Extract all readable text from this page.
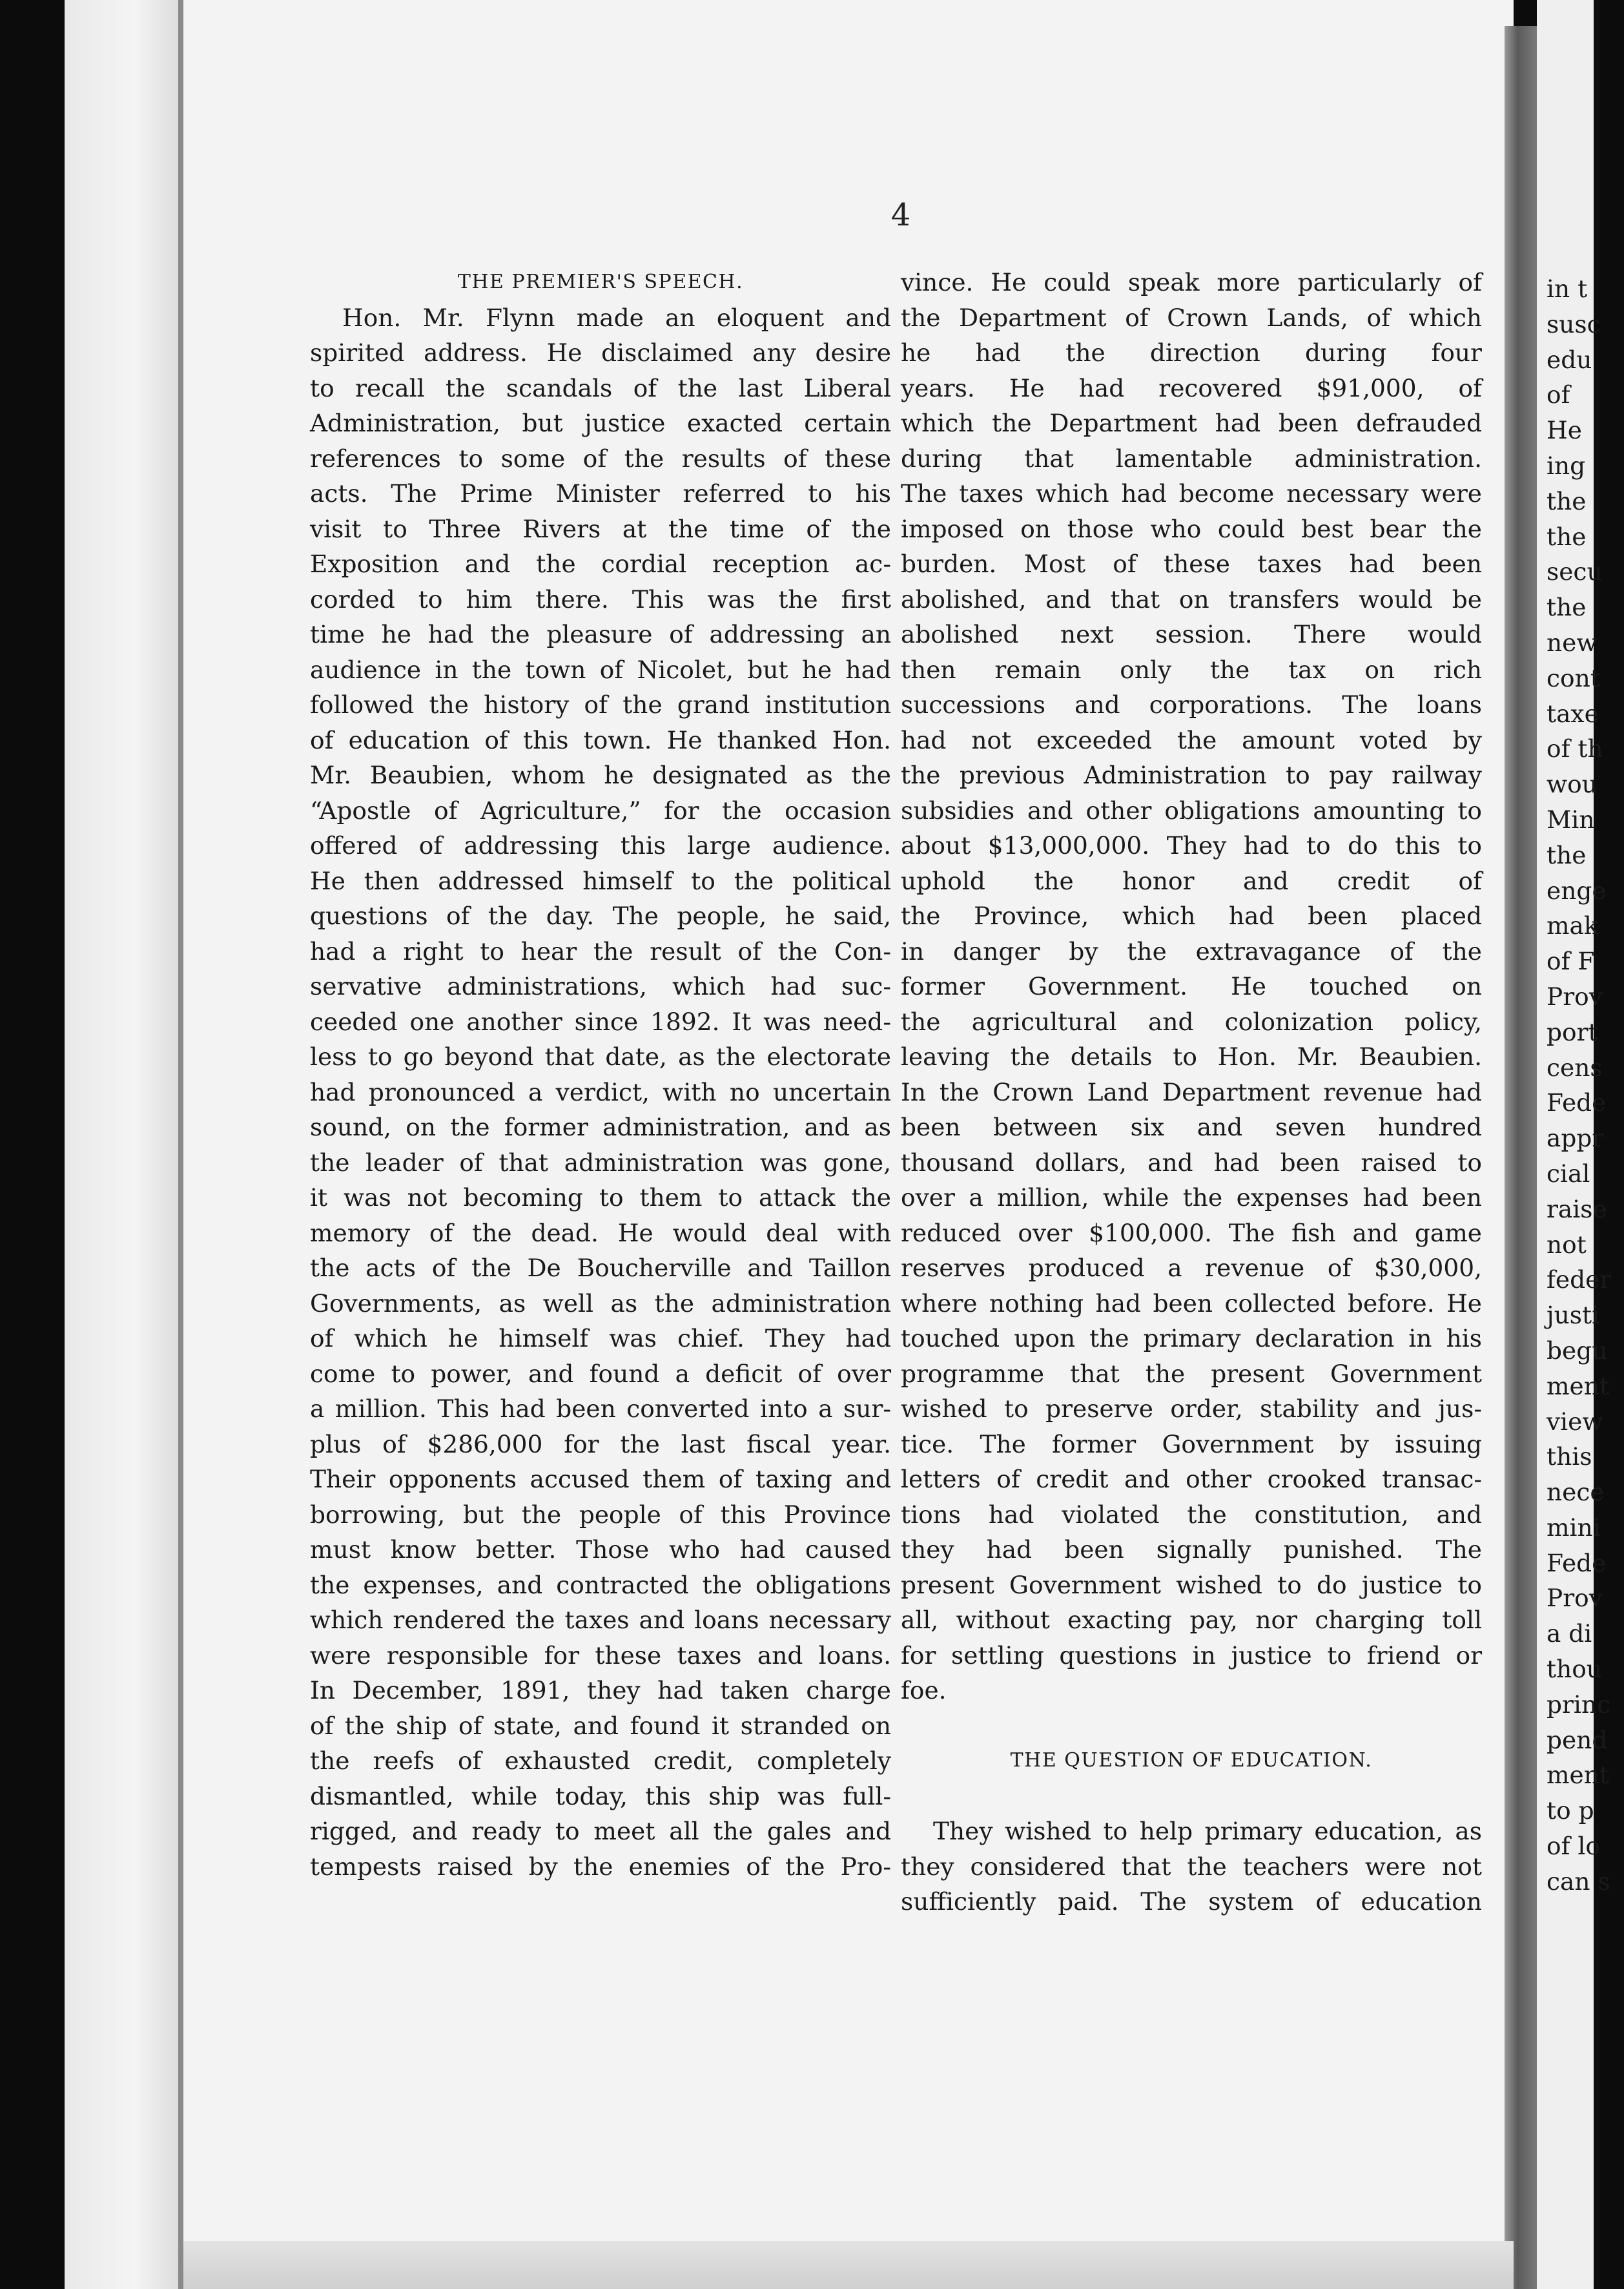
4
THE PREMIER'S SPEECH.
Hon. Mr. Flynn made an eloquent and
spirited address. He disclaimed any desire
to recall the scandals of the last Liberal
Administration, but justice exacted certain
references to some of the results of these
acts. The Prime Minister referred to his
visit to Three Rivers at the time of the
Exposition and the cordial reception ac-
corded to him there. This was the first
time he had the pleasure of addressing an
audience in the town of Nicolet, but he had
followed the history of the grand institution
of education of this town. He thanked Hon.
Mr. Beaubien, whom he designated as the
“Apostle of Agriculture,” for the occasion
offered of addressing this large audience.
He then addressed himself to the political
questions of the day. The people, he said,
had a right to hear the result of the Con-
servative administrations, which had suc-
ceeded one another since 1892. It was need-
less to go beyond that date, as the electorate
had pronounced a verdict, with no uncertain
sound, on the former administration, and as
the leader of that administration was gone,
it was not becoming to them to attack the
memory of the dead. He would deal with
the acts of the De Boucherville and Taillon
Governments, as well as the administration
of which he himself was chief. They had
come to power, and found a deficit of over
a million. This had been converted into a sur-
plus of $286,000 for the last fiscal year.
Their opponents accused them of taxing and
borrowing, but the people of this Province
must know better. Those who had caused
the expenses, and contracted the obligations
which rendered the taxes and loans necessary
were responsible for these taxes and loans.
In December, 1891, they had taken charge
of the ship of state, and found it stranded on
the reefs of exhausted credit, completely
dismantled, while today, this ship was full-
rigged, and ready to meet all the gales and
tempests raised by the enemies of the Pro-
vince. He could speak more particularly of
the Department of Crown Lands, of which
he had the direction during four
years. He had recovered $91,000, of
which the Department had been defrauded
during that lamentable administration.
The taxes which had become necessary were
imposed on those who could best bear the
burden. Most of these taxes had been
abolished, and that on transfers would be
abolished next session. There would
then remain only the tax on rich
successions and corporations. The loans
had not exceeded the amount voted by
the previous Administration to pay railway
subsidies and other obligations amounting to
about $13,000,000. They had to do this to
uphold the honor and credit of
the Province, which had been placed
in danger by the extravagance of the
former Government. He touched on
the agricultural and colonization policy,
leaving the details to Hon. Mr. Beaubien.
In the Crown Land Department revenue had
been between six and seven hundred
thousand dollars, and had been raised to
over a million, while the expenses had been
reduced over $100,000. The fish and game
reserves produced a revenue of $30,000,
where nothing had been collected before. He
touched upon the primary declaration in his
programme that the present Government
wished to preserve order, stability and jus-
tice. The former Government by issuing
letters of credit and other crooked transac-
tions had violated the constitution, and
they had been signally punished. The
present Government wished to do justice to
all, without exacting pay, nor charging toll
for settling questions in justice to friend or
foe.
THE QUESTION OF EDUCATION.
They wished to help primary education, as
they considered that the teachers were not
sufficiently paid. The system of education
in t
susc
edu
of
He
ing
the
the
secu
the
new
cont
taxe
of th
wou
Min
the
enge
mak
of F
Prov
port
cens
Fede
appr
cial
raise
not
feder
justi
begu
ment
view
this
nece
mini
Fede
Prov
a di
thou
princ
pend
ment
to p
of lo
can s
